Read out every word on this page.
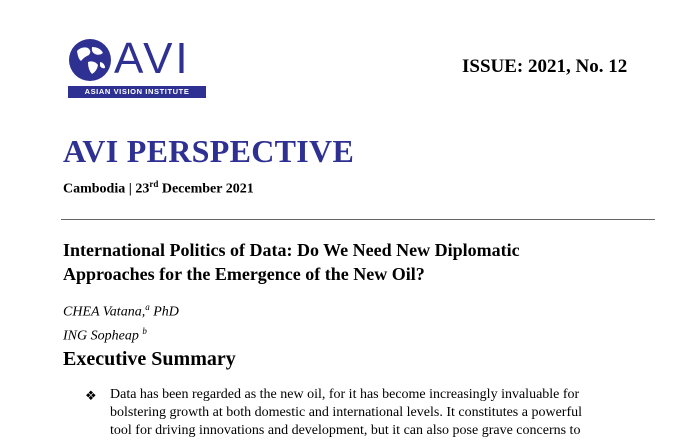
AVI
ASIAN VISION INSTITUTE
ISSUE: 2021, No. 12
AVI PERSPECTIVE
Cambodia | 23rd December 2021
International Politics of Data: Do We Need New Diplomatic
Approaches for the Emergence of the New Oil?
CHEA Vatana,$^a$ PhD
ING Sopheap $^b$
Executive Summary
❖ Data has been regarded as the new oil, for it has become increasingly invaluable for
bolstering growth at both domestic and international levels. It constitutes a powerful
tool for driving innovations and development, but it can also pose grave concerns to
